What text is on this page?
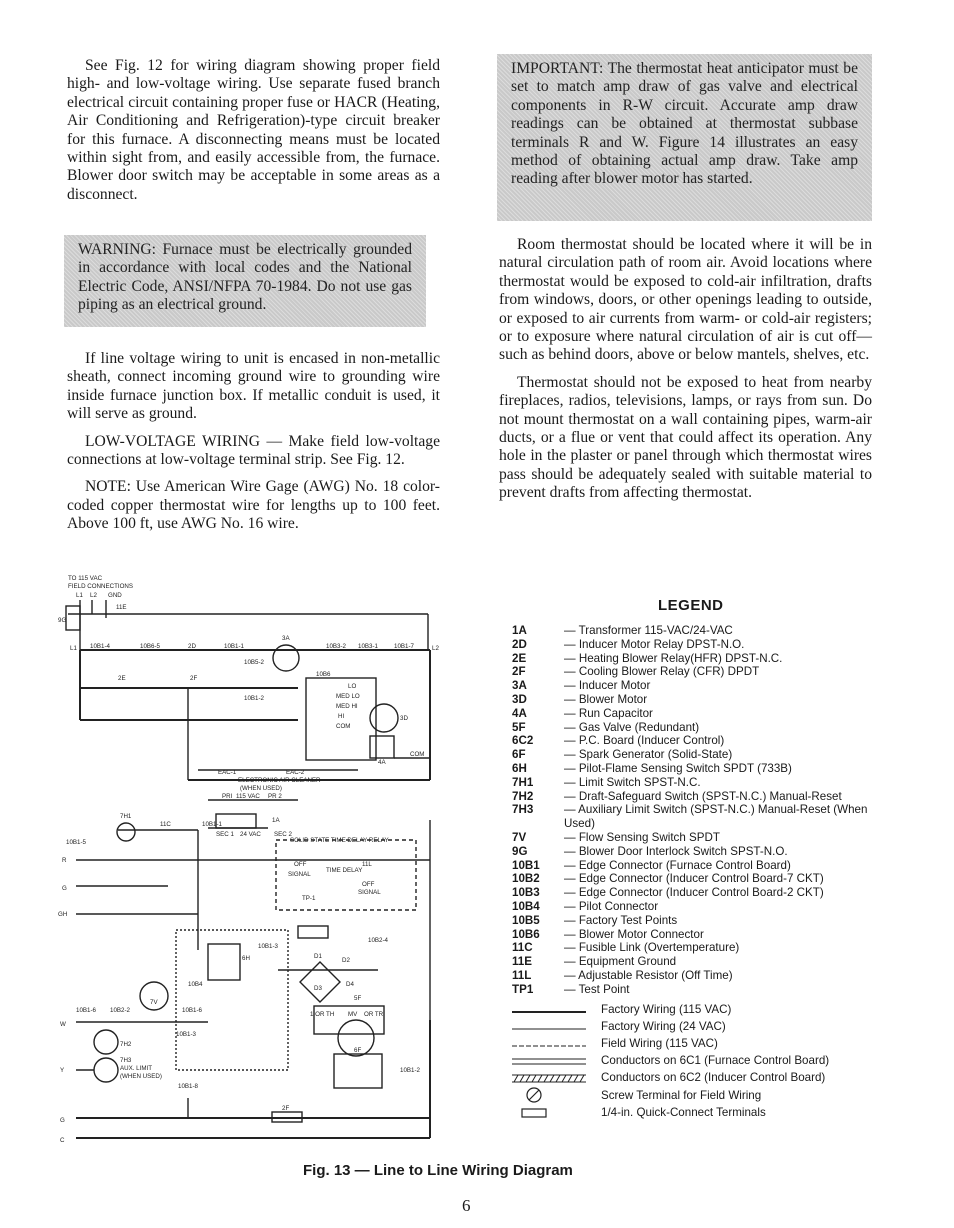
See Fig. 12 for wiring diagram showing proper field high- and low-voltage wiring. Use separate fused branch electrical circuit containing proper fuse or HACR (Heating, Air Conditioning and Refrigeration)-type circuit breaker for this furnace. A disconnecting means must be located within sight from, and easily accessible from, the furnace. Blower door switch may be acceptable in some areas as a disconnect.

WARNING: Furnace must be electrically grounded in accordance with local codes and the National Electric Code, ANSI/NFPA 70-1984. Do not use gas piping as an electrical ground.

If line voltage wiring to unit is encased in non-metallic sheath, connect incoming ground wire to grounding wire inside furnace junction box. If metallic conduit is used, it will serve as ground.

LOW-VOLTAGE WIRING — Make field low-voltage connections at low-voltage terminal strip. See Fig. 12.

NOTE: Use American Wire Gage (AWG) No. 18 color-coded copper thermostat wire for lengths up to 100 feet. Above 100 ft, use AWG No. 16 wire.

IMPORTANT: The thermostat heat anticipator must be set to match amp draw of gas valve and electrical components in R-W circuit. Accurate amp draw readings can be obtained at thermostat subbase terminals R and W. Figure 14 illustrates an easy method of obtaining actual amp draw. Take amp reading after blower motor has started.

Room thermostat should be located where it will be in natural circulation path of room air. Avoid locations where thermostat would be exposed to cold-air infiltration, drafts from windows, doors, or other openings leading to outside, or exposed to air currents from warm- or cold-air registers; or to exposure where natural circulation of air is cut off—such as behind doors, above or below mantels, shelves, etc.

Thermostat should not be exposed to heat from nearby fireplaces, radios, televisions, lamps, or rays from sun. Do not mount thermostat on a wall containing pipes, warm-air ducts, or a flue or vent that could affect its operation. Any hole in the plaster or panel through which thermostat wires pass should be adequately sealed with suitable material to prevent drafts from affecting thermostat.

TO 115 VAC
FIELD CONNECTIONS
L1 L2 GND
11E
9G
L1	L2
10B1-4	10B6-5	2D	10B1-1
3A
10B3-2 10B3-1	10B1-7
10B5-2
10B6
10B1-2
2E	2F
LO
MED LO
MED HI
HI
COM
3D
4A
COM
EAC-1	EAC-2
ELECTRONIC AIR CLEANER
(WHEN USED)
PRI 115 VAC PR 2
1A
SEC 1 24 VAC SEC 2
7H1
11C	10B1-1
10B1-5
R
G
GH
W
Y
G
C
SOLID STATE TIME DELAY RELAY
OFF
SIGNAL
TIME DELAY
11L
OFF
SIGNAL
TP-1
10B1-3
10B2-4
6H	D1
D2
D3
D4
10B4
10B1-6
10B1-6 10B2-2
7V
7H2
7H3
AUX. LIMIT
(WHEN USED)
5F
10B1-3
1 OR TH MV OR TR
6F
10B1-2
10B1-8
2F
LEGEND
1A	— Transformer 115-VAC/24-VAC
2D	— Inducer Motor Relay DPST-N.O.
2E	— Heating Blower Relay(HFR) DPST-N.C.
2F	— Cooling Blower Relay (CFR) DPDT
3A	— Inducer Motor
3D	— Blower Motor
4A	— Run Capacitor
5F	— Gas Valve (Redundant)
6C2	— P.C. Board (Inducer Control)
6F	— Spark Generator (Solid-State)
6H	— Pilot-Flame Sensing Switch SPDT (733B)
7H1	— Limit Switch SPST-N.C.
7H2	— Draft-Safeguard Switch (SPST-N.C.) Manual-Reset
7H3	— Auxiliary Limit Switch (SPST-N.C.) Manual-Reset (When Used)
7V	— Flow Sensing Switch SPDT
9G	— Blower Door Interlock Switch SPST-N.O.
10B1	— Edge Connector (Furnace Control Board)
10B2	— Edge Connector (Inducer Control Board-7 CKT)
10B3	— Edge Connector (Inducer Control Board-2 CKT)
10B4	— Pilot Connector
10B5	— Factory Test Points
10B6	— Blower Motor Connector
11C	— Fusible Link (Overtemperature)
11E	— Equipment Ground
11L	— Adjustable Resistor (Off Time)
TP1	— Test Point
Factory Wiring (115 VAC)
Factory Wiring (24 VAC)
Field Wiring (115 VAC)
Conductors on 6C1 (Furnace Control Board)
Conductors on 6C2 (Inducer Control Board)
Screw Terminal for Field Wiring
1/4-in. Quick-Connect Terminals
Fig. 13 — Line to Line Wiring Diagram
6
